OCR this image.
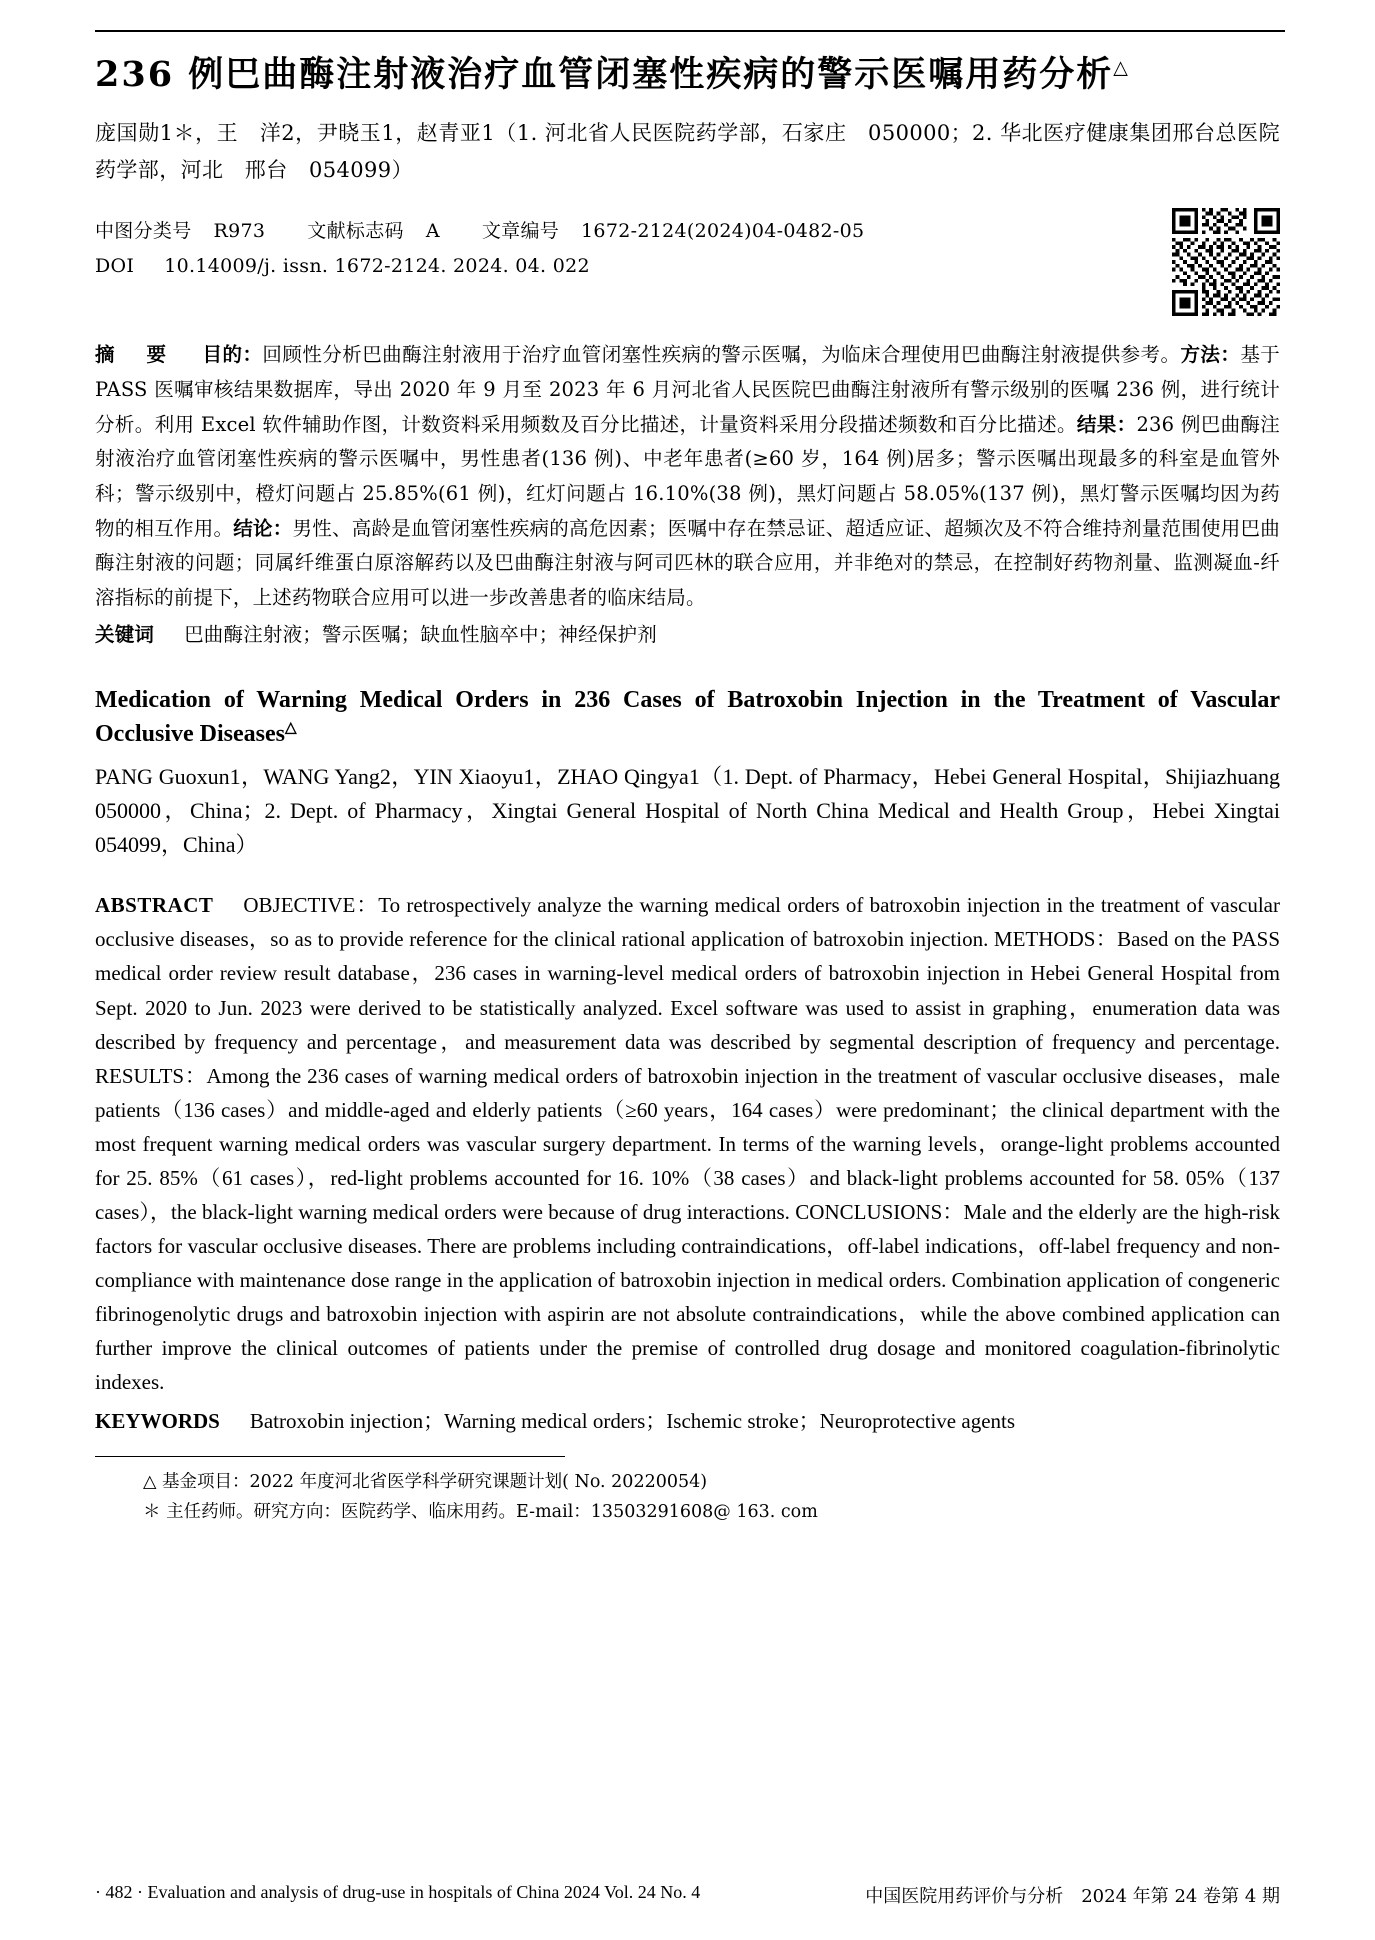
236 例巴曲酶注射液治疗血管闭塞性疾病的警示医嘱用药分析△
庞国勋1＊，王　洋2，尹晓玉1，赵青亚1（1. 河北省人民医院药学部，石家庄　050000；2. 华北医疗健康集团邢台总医院药学部，河北　邢台　054099）
中图分类号 R973 文献标志码 A 文章编号 1672-2124(2024)04-0482-05
DOI 10.14009/j. issn. 1672-2124. 2024. 04. 022
摘　要 目的：回顾性分析巴曲酶注射液用于治疗血管闭塞性疾病的警示医嘱，为临床合理使用巴曲酶注射液提供参考。方法：基于 PASS 医嘱审核结果数据库，导出 2020 年 9 月至 2023 年 6 月河北省人民医院巴曲酶注射液所有警示级别的医嘱 236 例，进行统计分析。利用 Excel 软件辅助作图，计数资料采用频数及百分比描述，计量资料采用分段描述频数和百分比描述。结果：236 例巴曲酶注射液治疗血管闭塞性疾病的警示医嘱中，男性患者(136 例)、中老年患者(≥60 岁，164 例)居多；警示医嘱出现最多的科室是血管外科；警示级别中，橙灯问题占 25.85%(61 例)，红灯问题占 16.10%(38 例)，黑灯问题占 58.05%(137 例)，黑灯警示医嘱均因为药物的相互作用。结论：男性、高龄是血管闭塞性疾病的高危因素；医嘱中存在禁忌证、超适应证、超频次及不符合维持剂量范围使用巴曲酶注射液的问题；同属纤维蛋白原溶解药以及巴曲酶注射液与阿司匹林的联合应用，并非绝对的禁忌，在控制好药物剂量、监测凝血-纤溶指标的前提下，上述药物联合应用可以进一步改善患者的临床结局。
关键词 巴曲酶注射液；警示医嘱；缺血性脑卒中；神经保护剂
Medication of Warning Medical Orders in 236 Cases of Batroxobin Injection in the Treatment of Vascular Occlusive Diseases△
PANG Guoxun1，WANG Yang2，YIN Xiaoyu1，ZHAO Qingya1（1. Dept. of Pharmacy，Hebei General Hospital，Shijiazhuang 050000，China；2. Dept. of Pharmacy，Xingtai General Hospital of North China Medical and Health Group，Hebei Xingtai 054099，China）
ABSTRACT OBJECTIVE：To retrospectively analyze the warning medical orders of batroxobin injection in the treatment of vascular occlusive diseases，so as to provide reference for the clinical rational application of batroxobin injection. METHODS：Based on the PASS medical order review result database，236 cases in warning-level medical orders of batroxobin injection in Hebei General Hospital from Sept. 2020 to Jun. 2023 were derived to be statistically analyzed. Excel software was used to assist in graphing，enumeration data was described by frequency and percentage，and measurement data was described by segmental description of frequency and percentage. RESULTS：Among the 236 cases of warning medical orders of batroxobin injection in the treatment of vascular occlusive diseases，male patients（136 cases）and middle-aged and elderly patients（≥60 years，164 cases）were predominant；the clinical department with the most frequent warning medical orders was vascular surgery department. In terms of the warning levels，orange-light problems accounted for 25. 85%（61 cases），red-light problems accounted for 16. 10%（38 cases）and black-light problems accounted for 58. 05%（137 cases），the black-light warning medical orders were because of drug interactions. CONCLUSIONS：Male and the elderly are the high-risk factors for vascular occlusive diseases. There are problems including contraindications，off-label indications，off-label frequency and non-compliance with maintenance dose range in the application of batroxobin injection in medical orders. Combination application of congeneric fibrinogenolytic drugs and batroxobin injection with aspirin are not absolute contraindications，while the above combined application can further improve the clinical outcomes of patients under the premise of controlled drug dosage and monitored coagulation-fibrinolytic indexes.
KEYWORDS Batroxobin injection；Warning medical orders；Ischemic stroke；Neuroprotective agents
△ 基金项目：2022 年度河北省医学科学研究课题计划( No. 20220054)
＊ 主任药师。研究方向：医院药学、临床用药。E-mail：13503291608@ 163. com
· 482 · Evaluation and analysis of drug-use in hospitals of China 2024 Vol. 24 No. 4	中国医院用药评价与分析　2024 年第 24 卷第 4 期
